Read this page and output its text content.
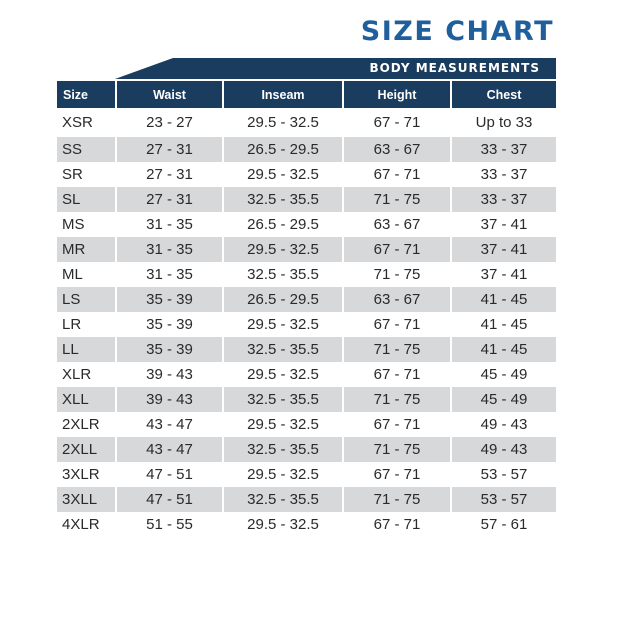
SIZE CHART
BODY MEASUREMENTS
Size	Waist	Inseam	Height	Chest
XSR	23 - 27	29.5 - 32.5	67 - 71	Up to 33
SS	27 - 31	26.5 - 29.5	63 - 67	33 - 37
SR	27 - 31	29.5 - 32.5	67 - 71	33 - 37
SL	27 - 31	32.5 - 35.5	71 - 75	33 - 37
MS	31 - 35	26.5 - 29.5	63 - 67	37 - 41
MR	31 - 35	29.5 - 32.5	67 - 71	37 - 41
ML	31 - 35	32.5 - 35.5	71 - 75	37 - 41
LS	35 - 39	26.5 - 29.5	63 - 67	41 - 45
LR	35 - 39	29.5 - 32.5	67 - 71	41 - 45
LL	35 - 39	32.5 - 35.5	71 - 75	41 - 45
XLR	39 - 43	29.5 - 32.5	67 - 71	45 - 49
XLL	39 - 43	32.5 - 35.5	71 - 75	45 - 49
2XLR	43 - 47	29.5 - 32.5	67 - 71	49 - 43
2XLL	43 - 47	32.5 - 35.5	71 - 75	49 - 43
3XLR	47 - 51	29.5 - 32.5	67 - 71	53 - 57
3XLL	47 - 51	32.5 - 35.5	71 - 75	53 - 57
4XLR	51 - 55	29.5 - 32.5	67 - 71	57 - 61
